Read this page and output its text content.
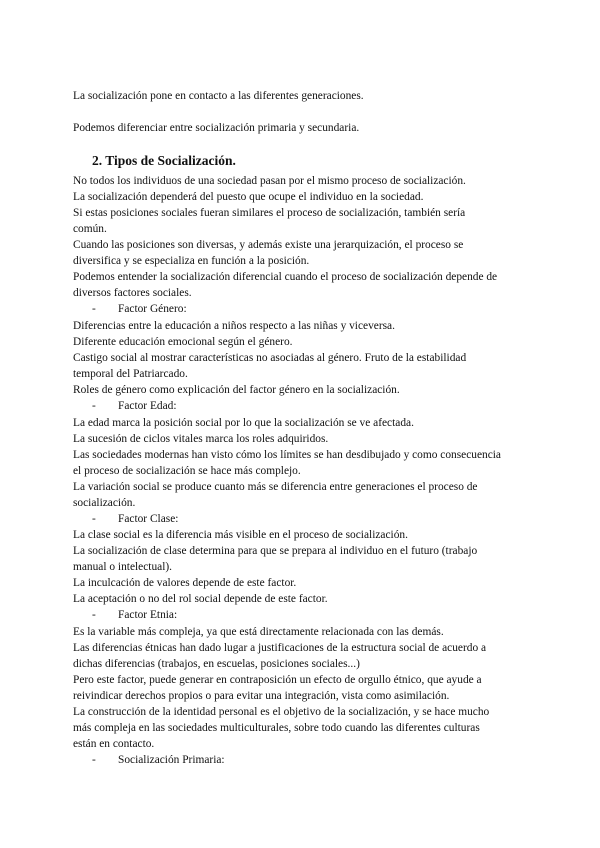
La socialización pone en contacto a las diferentes generaciones.
Podemos diferenciar entre socialización primaria y secundaria.
2. Tipos de Socialización.
No todos los individuos de una sociedad pasan por el mismo proceso de socialización.
La socialización dependerá del puesto que ocupe el individuo en la sociedad.
Si estas posiciones sociales fueran similares el proceso de socialización, también sería
común.
Cuando las posiciones son diversas, y además existe una jerarquización, el proceso se
diversifica y se especializa en función a la posición.
Podemos entender la socialización diferencial cuando el proceso de socialización depende de
diversos factores sociales.
- Factor Género:
Diferencias entre la educación a niños respecto a las niñas y viceversa.
Diferente educación emocional según el género.
Castigo social al mostrar características no asociadas al género. Fruto de la estabilidad
temporal del Patriarcado.
Roles de género como explicación del factor género en la socialización.
- Factor Edad:
La edad marca la posición social por lo que la socialización se ve afectada.
La sucesión de ciclos vitales marca los roles adquiridos.
Las sociedades modernas han visto cómo los límites se han desdibujado y como consecuencia
el proceso de socialización se hace más complejo.
La variación social se produce cuanto más se diferencia entre generaciones el proceso de
socialización.
- Factor Clase:
La clase social es la diferencia más visible en el proceso de socialización.
La socialización de clase determina para que se prepara al individuo en el futuro (trabajo
manual o intelectual).
La inculcación de valores depende de este factor.
La aceptación o no del rol social depende de este factor.
- Factor Etnia:
Es la variable más compleja, ya que está directamente relacionada con las demás.
Las diferencias étnicas han dado lugar a justificaciones de la estructura social de acuerdo a
dichas diferencias (trabajos, en escuelas, posiciones sociales...)
Pero este factor, puede generar en contraposición un efecto de orgullo étnico, que ayude a
reivindicar derechos propios o para evitar una integración, vista como asimilación.
La construcción de la identidad personal es el objetivo de la socialización, y se hace mucho
más compleja en las sociedades multiculturales, sobre todo cuando las diferentes culturas
están en contacto.
- Socialización Primaria:
